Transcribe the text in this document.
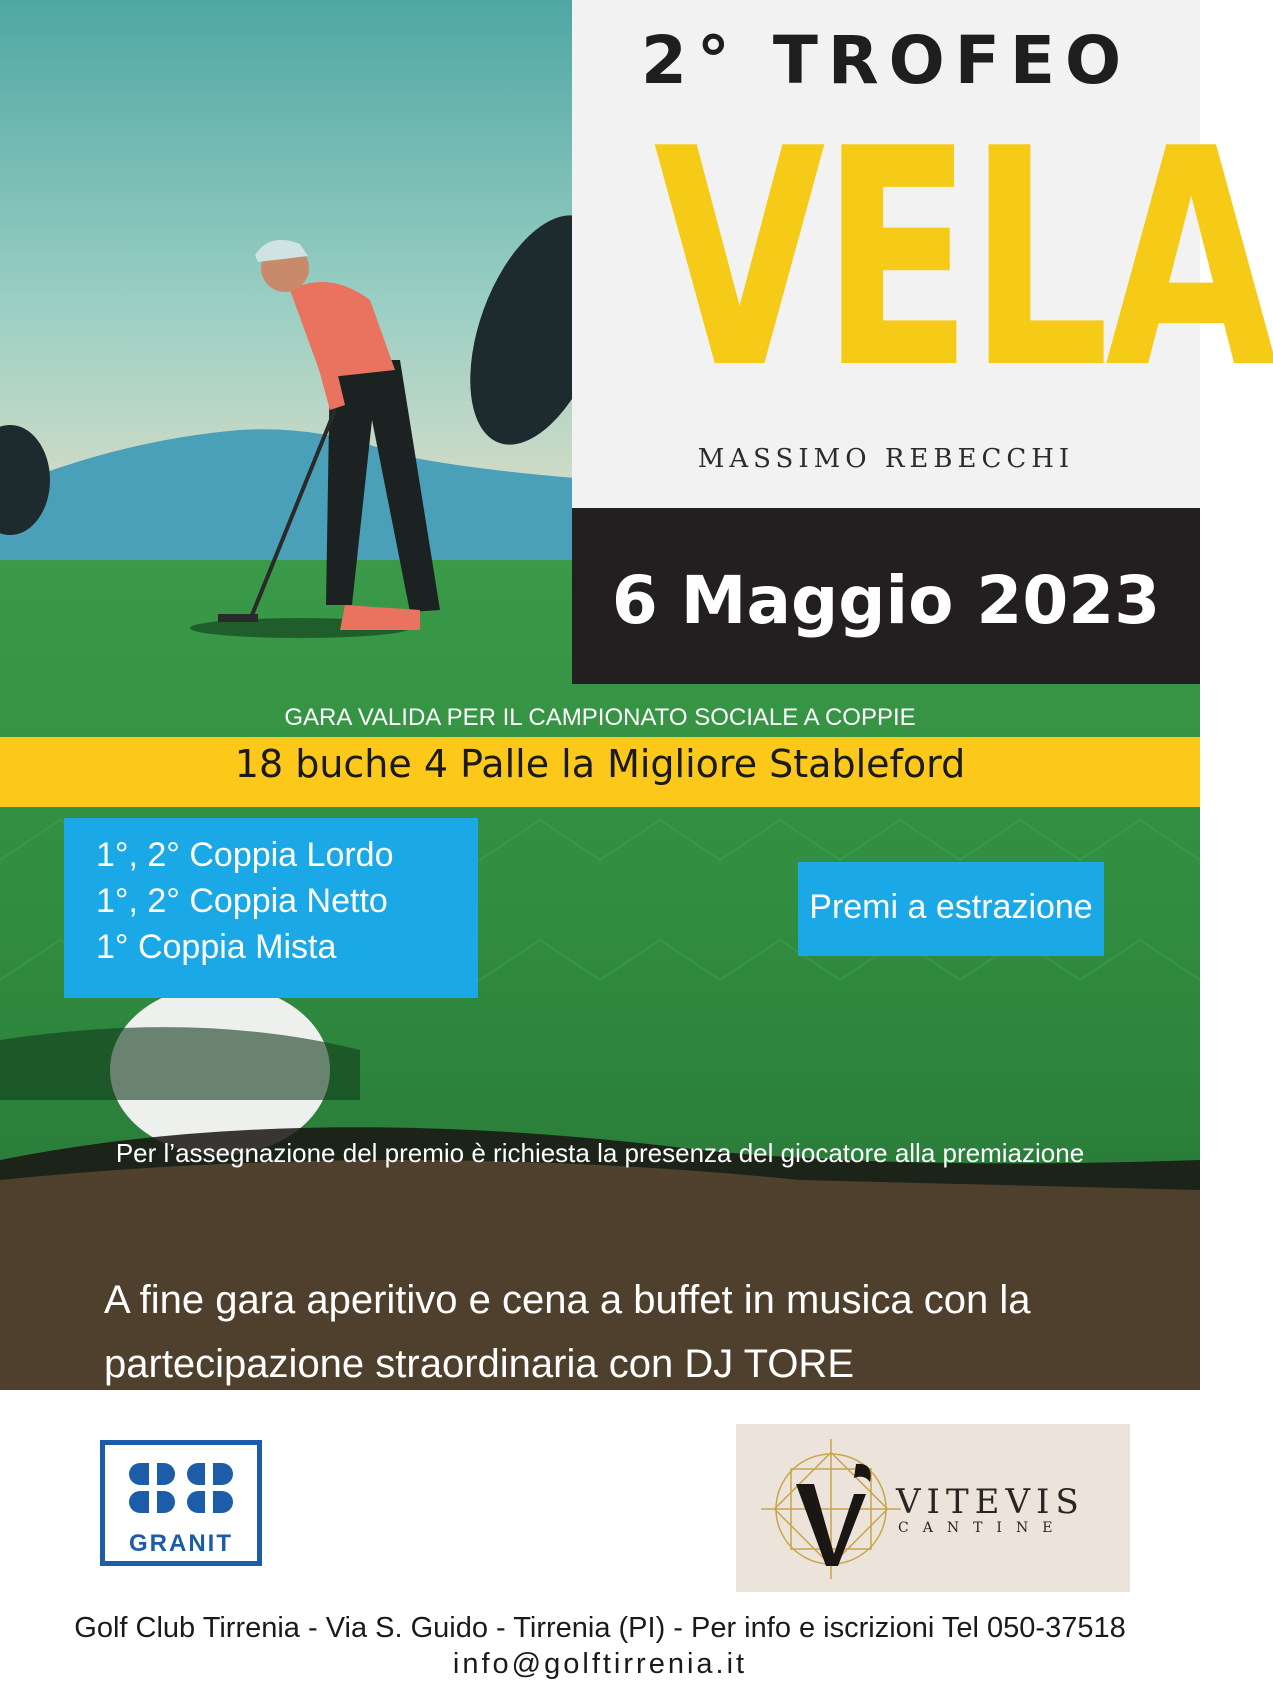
2° TROFEO
VELA
MASSIMO REBECCHI
6 Maggio 2023
GARA VALIDA PER IL CAMPIONATO SOCIALE A COPPIE
18 buche 4 Palle la Migliore Stableford
1°, 2° Coppia Lordo
1°, 2° Coppia Netto
1° Coppia Mista
Premi a estrazione
Per l’assegnazione del premio è richiesta la presenza del giocatore alla premiazione
A fine gara aperitivo e cena a buffet in musica con la
partecipazione straordinaria con DJ TORE
GRANIT
VITEVIS
CANTINE
Golf Club Tirrenia - Via S. Guido - Tirrenia (PI) - Per info e iscrizioni Tel 050-37518
info@golftirrenia.it
